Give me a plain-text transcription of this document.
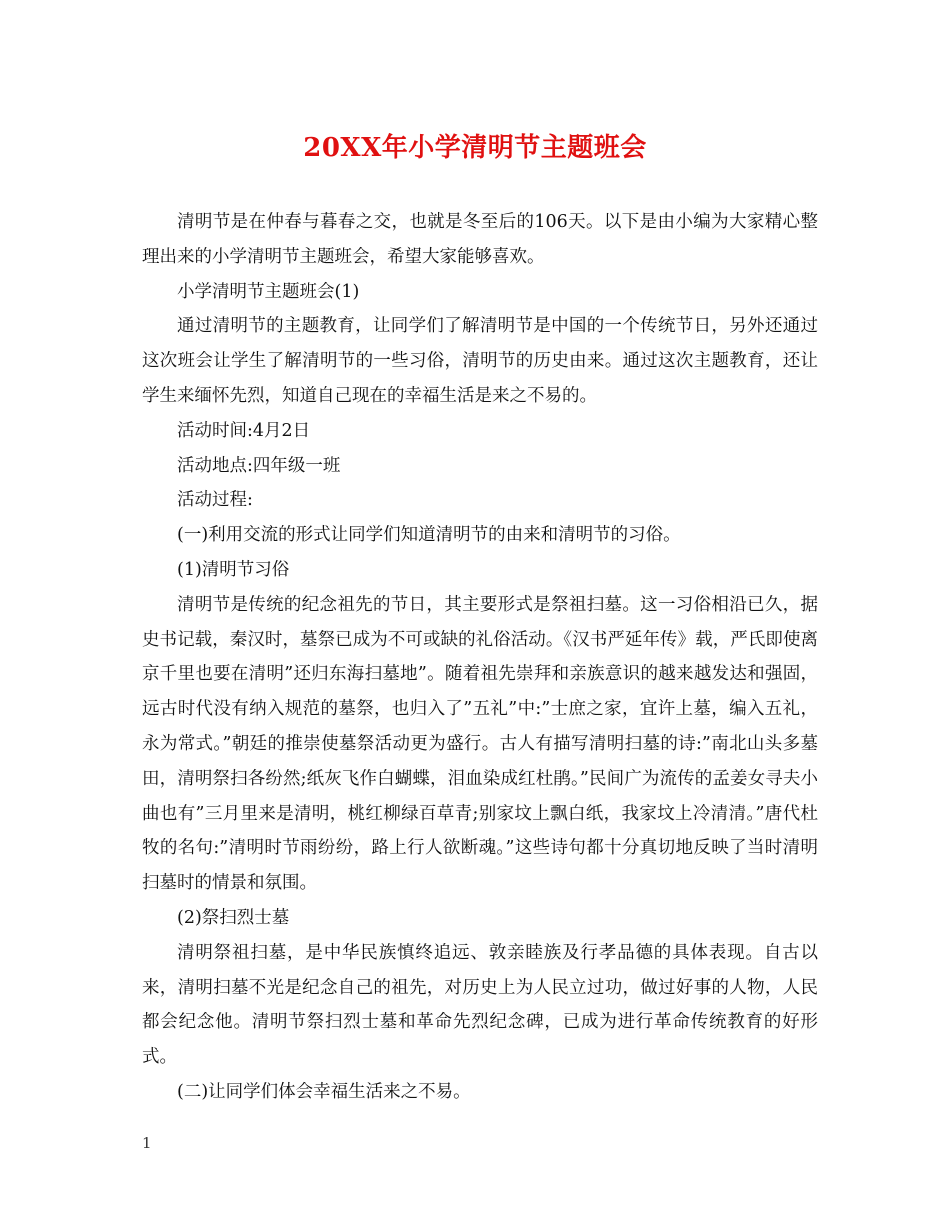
20XX年小学清明节主题班会

清明节是在仲春与暮春之交，也就是冬至后的106天。以下是由小编为大家精心整理出来的小学清明节主题班会，希望大家能够喜欢。

小学清明节主题班会(1)

通过清明节的主题教育，让同学们了解清明节是中国的一个传统节日，另外还通过这次班会让学生了解清明节的一些习俗，清明节的历史由来。通过这次主题教育，还让学生来缅怀先烈，知道自己现在的幸福生活是来之不易的。

活动时间:4月2日

活动地点:四年级一班

活动过程:

(一)利用交流的形式让同学们知道清明节的由来和清明节的习俗。

(1)清明节习俗

清明节是传统的纪念祖先的节日，其主要形式是祭祖扫墓。这一习俗相沿已久，据史书记载，秦汉时，墓祭已成为不可或缺的礼俗活动。《汉书严延年传》载，严氏即使离京千里也要在清明”还归东海扫墓地”。随着祖先崇拜和亲族意识的越来越发达和强固，远古时代没有纳入规范的墓祭，也归入了”五礼”中:”士庶之家，宜许上墓，编入五礼，永为常式。”朝廷的推崇使墓祭活动更为盛行。古人有描写清明扫墓的诗:”南北山头多墓田，清明祭扫各纷然;纸灰飞作白蝴蝶，泪血染成红杜鹃。”民间广为流传的孟姜女寻夫小曲也有”三月里来是清明，桃红柳绿百草青;别家坟上飘白纸，我家坟上冷清清。”唐代杜牧的名句:”清明时节雨纷纷，路上行人欲断魂。”这些诗句都十分真切地反映了当时清明扫墓时的情景和氛围。

(2)祭扫烈士墓

清明祭祖扫墓，是中华民族慎终追远、敦亲睦族及行孝品德的具体表现。自古以来，清明扫墓不光是纪念自己的祖先，对历史上为人民立过功，做过好事的人物，人民都会纪念他。清明节祭扫烈士墓和革命先烈纪念碑，已成为进行革命传统教育的好形式。

(二)让同学们体会幸福生活来之不易。

1
